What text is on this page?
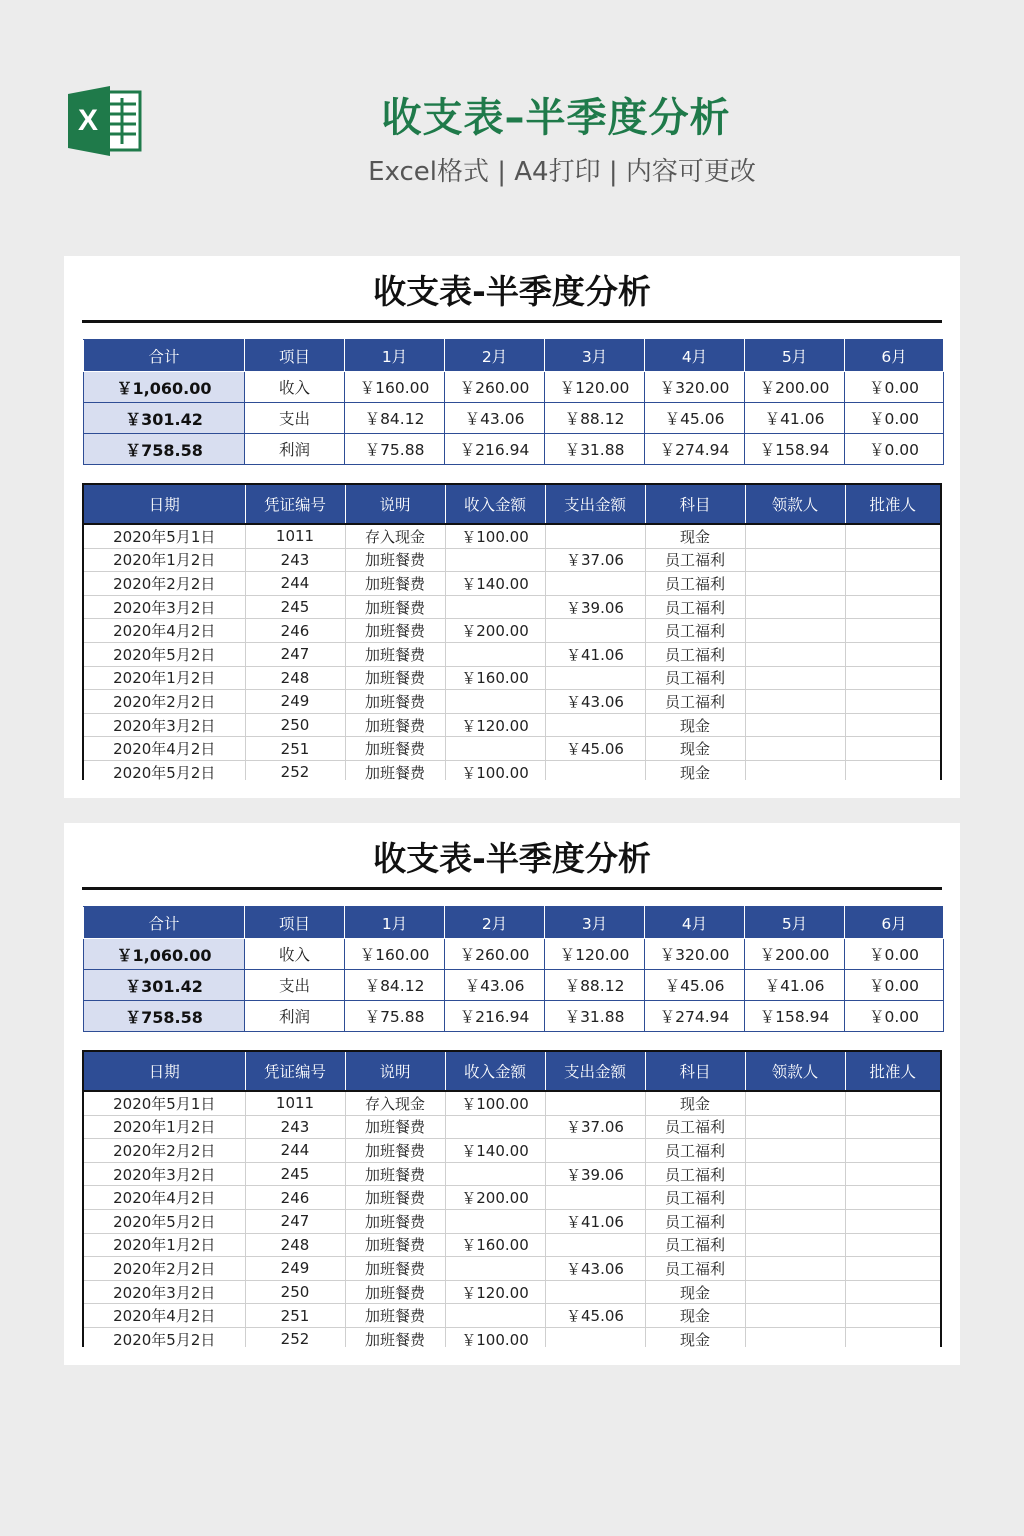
X	收支表–半季度分析
Excel格式 | A4打印 | 内容可更改
收支表-半季度分析
合计	项目	1月	2月	3月	4月	5月	6月
￥1,060.00	收入	￥160.00	￥260.00	￥120.00	￥320.00	￥200.00	￥0.00
￥301.42	支出	￥84.12	￥43.06	￥88.12	￥45.06	￥41.06	￥0.00
￥758.58	利润	￥75.88	￥216.94	￥31.88	￥274.94	￥158.94	￥0.00
日期	凭证编号	说明	收入金额	支出金额	科目	领款人	批准人
2020年5月1日	1011	存入现金	￥100.00		现金		
2020年1月2日	243	加班餐费		￥37.06	员工福利		
2020年2月2日	244	加班餐费	￥140.00		员工福利		
2020年3月2日	245	加班餐费		￥39.06	员工福利		
2020年4月2日	246	加班餐费	￥200.00		员工福利		
2020年5月2日	247	加班餐费		￥41.06	员工福利		
2020年1月2日	248	加班餐费	￥160.00		员工福利		
2020年2月2日	249	加班餐费		￥43.06	员工福利		
2020年3月2日	250	加班餐费	￥120.00		现金		
2020年4月2日	251	加班餐费		￥45.06	现金		
2020年5月2日	252	加班餐费	￥100.00		现金		
收支表-半季度分析
合计	项目	1月	2月	3月	4月	5月	6月
￥1,060.00	收入	￥160.00	￥260.00	￥120.00	￥320.00	￥200.00	￥0.00
￥301.42	支出	￥84.12	￥43.06	￥88.12	￥45.06	￥41.06	￥0.00
￥758.58	利润	￥75.88	￥216.94	￥31.88	￥274.94	￥158.94	￥0.00
日期	凭证编号	说明	收入金额	支出金额	科目	领款人	批准人
2020年5月1日	1011	存入现金	￥100.00		现金		
2020年1月2日	243	加班餐费		￥37.06	员工福利		
2020年2月2日	244	加班餐费	￥140.00		员工福利		
2020年3月2日	245	加班餐费		￥39.06	员工福利		
2020年4月2日	246	加班餐费	￥200.00		员工福利		
2020年5月2日	247	加班餐费		￥41.06	员工福利		
2020年1月2日	248	加班餐费	￥160.00		员工福利		
2020年2月2日	249	加班餐费		￥43.06	员工福利		
2020年3月2日	250	加班餐费	￥120.00		现金		
2020年4月2日	251	加班餐费		￥45.06	现金		
2020年5月2日	252	加班餐费	￥100.00		现金		
